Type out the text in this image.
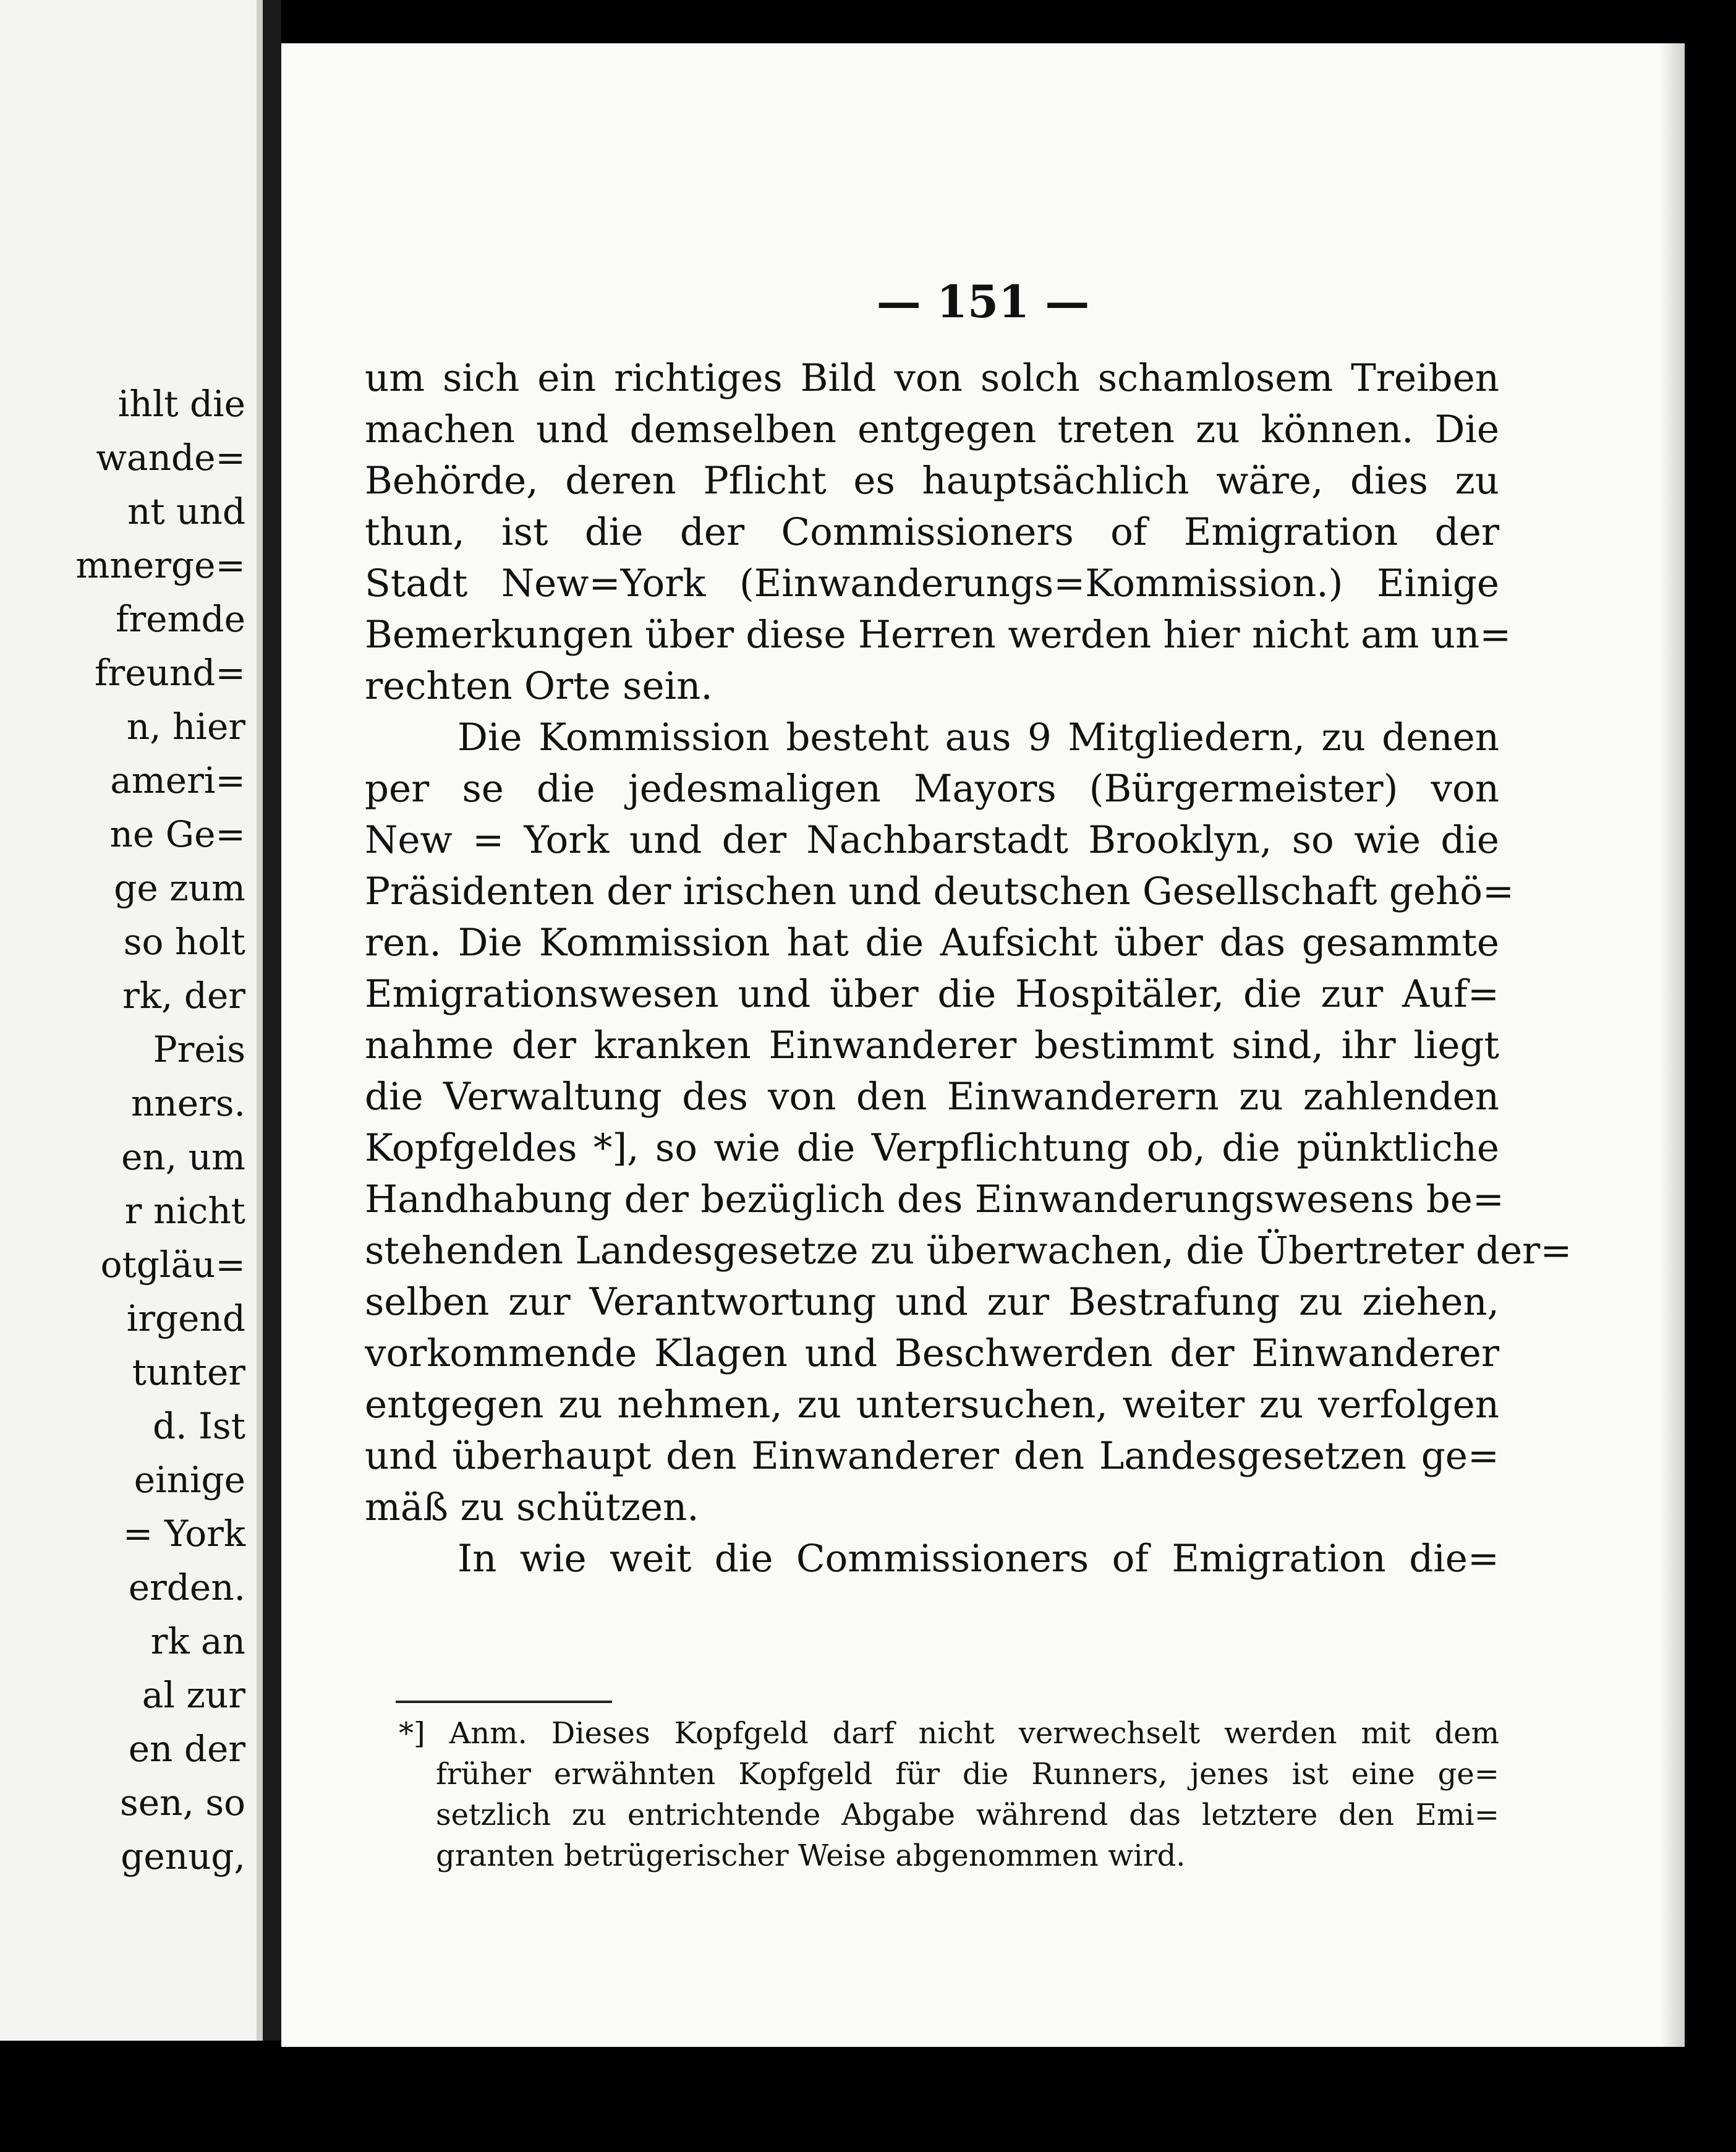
ihlt die
wande=
nt und
mnerge=
fremde
freund=
n, hier
ameri=
ne Ge=
ge zum
so holt
rk, der
Preis
nners.
en, um
r nicht
otgläu=
irgend
tunter
d. Ist
einige
= York
erden.
rk an
al zur
en der
sen, so
genug,
— 151 —
um sich ein richtiges Bild von solch schamlosem Treiben
machen und demselben entgegen treten zu können. Die
Behörde, deren Pflicht es hauptsächlich wäre, dies zu
thun, ist die der Commissioners of Emigration der
Stadt New=York (Einwanderungs=Kommission.) Einige
Bemerkungen über diese Herren werden hier nicht am un=
rechten Orte sein.
Die Kommission besteht aus 9 Mitgliedern, zu denen
per se die jedesmaligen Mayors (Bürgermeister) von
New = York und der Nachbarstadt Brooklyn, so wie die
Präsidenten der irischen und deutschen Gesellschaft gehö=
ren. Die Kommission hat die Aufsicht über das gesammte
Emigrationswesen und über die Hospitäler, die zur Auf=
nahme der kranken Einwanderer bestimmt sind, ihr liegt
die Verwaltung des von den Einwanderern zu zahlenden
Kopfgeldes *], so wie die Verpflichtung ob, die pünktliche
Handhabung der bezüglich des Einwanderungswesens be=
stehenden Landesgesetze zu überwachen, die Übertreter der=
selben zur Verantwortung und zur Bestrafung zu ziehen,
vorkommende Klagen und Beschwerden der Einwanderer
entgegen zu nehmen, zu untersuchen, weiter zu verfolgen
und überhaupt den Einwanderer den Landesgesetzen ge=
mäß zu schützen.
In wie weit die Commissioners of Emigration die=
*] Anm. Dieses Kopfgeld darf nicht verwechselt werden mit dem
früher erwähnten Kopfgeld für die Runners, jenes ist eine ge=
setzlich zu entrichtende Abgabe während das letztere den Emi=
granten betrügerischer Weise abgenommen wird.
